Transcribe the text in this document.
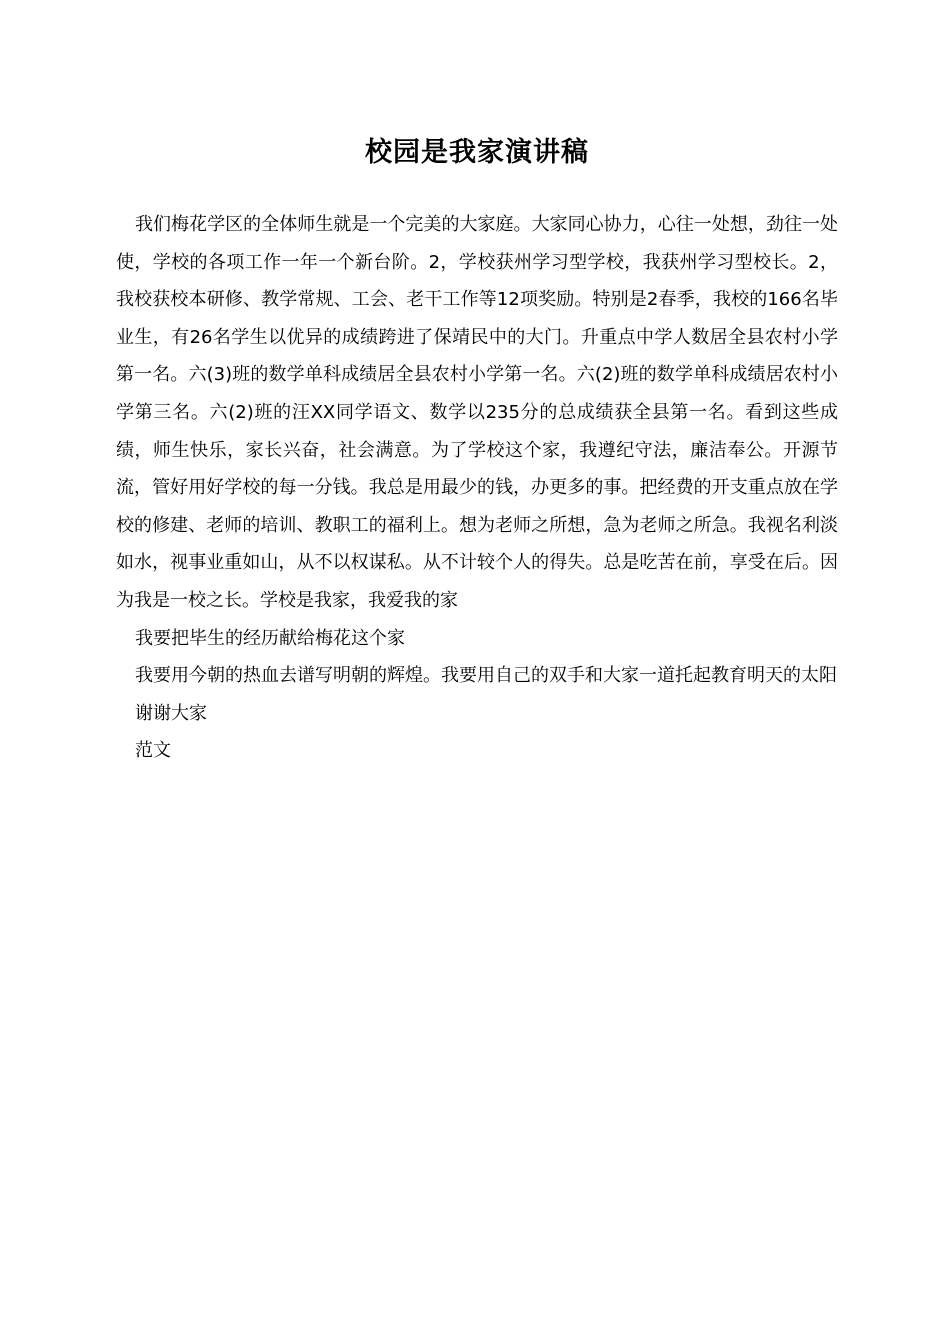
校园是我家演讲稿

我们梅花学区的全体师生就是一个完美的大家庭。大家同心协力，心往一处想，劲往一处使，学校的各项工作一年一个新台阶。2，学校获州学习型学校，我获州学习型校长。2，我校获校本研修、教学常规、工会、老干工作等12项奖励。特别是2春季，我校的166名毕业生，有26名学生以优异的成绩跨进了保靖民中的大门。升重点中学人数居全县农村小学第一名。六(3)班的数学单科成绩居全县农村小学第一名。六(2)班的数学单科成绩居农村小学第三名。六(2)班的汪XX同学语文、数学以235分的总成绩获全县第一名。看到这些成绩，师生快乐，家长兴奋，社会满意。为了学校这个家，我遵纪守法，廉洁奉公。开源节流，管好用好学校的每一分钱。我总是用最少的钱，办更多的事。把经费的开支重点放在学校的修建、老师的培训、教职工的福利上。想为老师之所想，急为老师之所急。我视名利淡如水，视事业重如山，从不以权谋私。从不计较个人的得失。总是吃苦在前，享受在后。因为我是一校之长。学校是我家，我爱我的家

我要把毕生的经历献给梅花这个家

我要用今朝的热血去谱写明朝的辉煌。我要用自己的双手和大家一道托起教育明天的太阳

谢谢大家

范文
